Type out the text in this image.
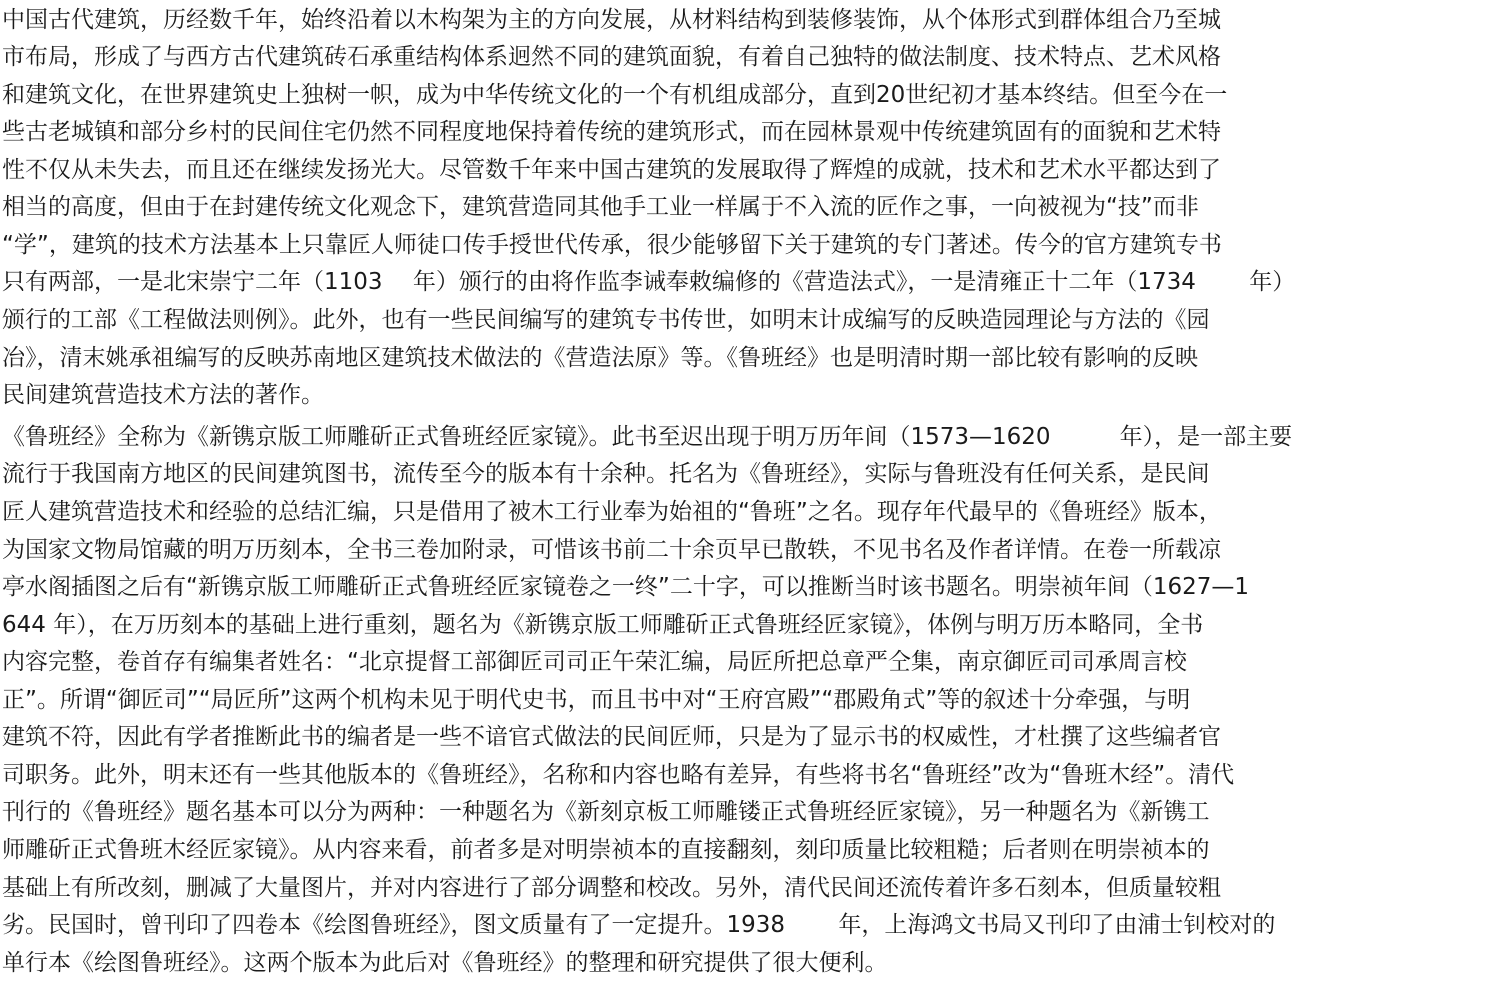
中国古代建筑，历经数千年，始终沿着以木构架为主的方向发展，从材料结构到装修装饰，从个体形式到群体组合乃至城
市布局，形成了与西方古代建筑砖石承重结构体系迥然不同的建筑面貌，有着自己独特的做法制度、技术特点、艺术风格
和建筑文化，在世界建筑史上独树一帜，成为中华传统文化的一个有机组成部分，直到20世纪初才基本终结。但至今在一
些古老城镇和部分乡村的民间住宅仍然不同程度地保持着传统的建筑形式，而在园林景观中传统建筑固有的面貌和艺术特
性不仅从未失去，而且还在继续发扬光大。尽管数千年来中国古建筑的发展取得了辉煌的成就，技术和艺术水平都达到了
相当的高度，但由于在封建传统文化观念下，建筑营造同其他手工业一样属于不入流的匠作之事，一向被视为“技”而非
“学”，建筑的技术方法基本上只靠匠人师徒口传手授世代传承，很少能够留下关于建筑的专门著述。传今的官方建筑专书
只有两部，一是北宋崇宁二年（1103　 年）颁行的由将作监李诫奉敕编修的《营造法式》，一是清雍正十二年（1734　　 年）
颁行的工部《工程做法则例》。此外，也有一些民间编写的建筑专书传世，如明末计成编写的反映造园理论与方法的《园
冶》，清末姚承祖编写的反映苏南地区建筑技术做法的《营造法原》等。《鲁班经》也是明清时期一部比较有影响的反映
民间建筑营造技术方法的著作。
《鲁班经》全称为《新镌京版工师雕斫正式鲁班经匠家镜》。此书至迟出现于明万历年间（1573—1620　　　年），是一部主要
流行于我国南方地区的民间建筑图书，流传至今的版本有十余种。托名为《鲁班经》，实际与鲁班没有任何关系，是民间
匠人建筑营造技术和经验的总结汇编，只是借用了被木工行业奉为始祖的“鲁班”之名。现存年代最早的《鲁班经》版本，
为国家文物局馆藏的明万历刻本，全书三卷加附录，可惜该书前二十余页早已散轶，不见书名及作者详情。在卷一所载凉
亭水阁插图之后有“新镌京版工师雕斫正式鲁班经匠家镜卷之一终”二十字，可以推断当时该书题名。明崇祯年间（1627—1
644 年），在万历刻本的基础上进行重刻，题名为《新镌京版工师雕斫正式鲁班经匠家镜》，体例与明万历本略同，全书
内容完整，卷首存有编集者姓名：“北京提督工部御匠司司正午荣汇编，局匠所把总章严仝集，南京御匠司司承周言校
正”。所谓“御匠司”“局匠所”这两个机构未见于明代史书，而且书中对“王府宫殿”“郡殿角式”等的叙述十分牵强，与明
建筑不符，因此有学者推断此书的编者是一些不谙官式做法的民间匠师，只是为了显示书的权威性，才杜撰了这些编者官
司职务。此外，明末还有一些其他版本的《鲁班经》，名称和内容也略有差异，有些将书名“鲁班经”改为“鲁班木经”。清代
刊行的《鲁班经》题名基本可以分为两种：一种题名为《新刻京板工师雕镂正式鲁班经匠家镜》，另一种题名为《新镌工
师雕斫正式鲁班木经匠家镜》。从内容来看，前者多是对明崇祯本的直接翻刻，刻印质量比较粗糙；后者则在明崇祯本的
基础上有所改刻，删减了大量图片，并对内容进行了部分调整和校改。另外，清代民间还流传着许多石刻本，但质量较粗
劣。民国时，曾刊印了四卷本《绘图鲁班经》，图文质量有了一定提升。1938　　 年，上海鸿文书局又刊印了由浦士钊校对的
单行本《绘图鲁班经》。这两个版本为此后对《鲁班经》的整理和研究提供了很大便利。
